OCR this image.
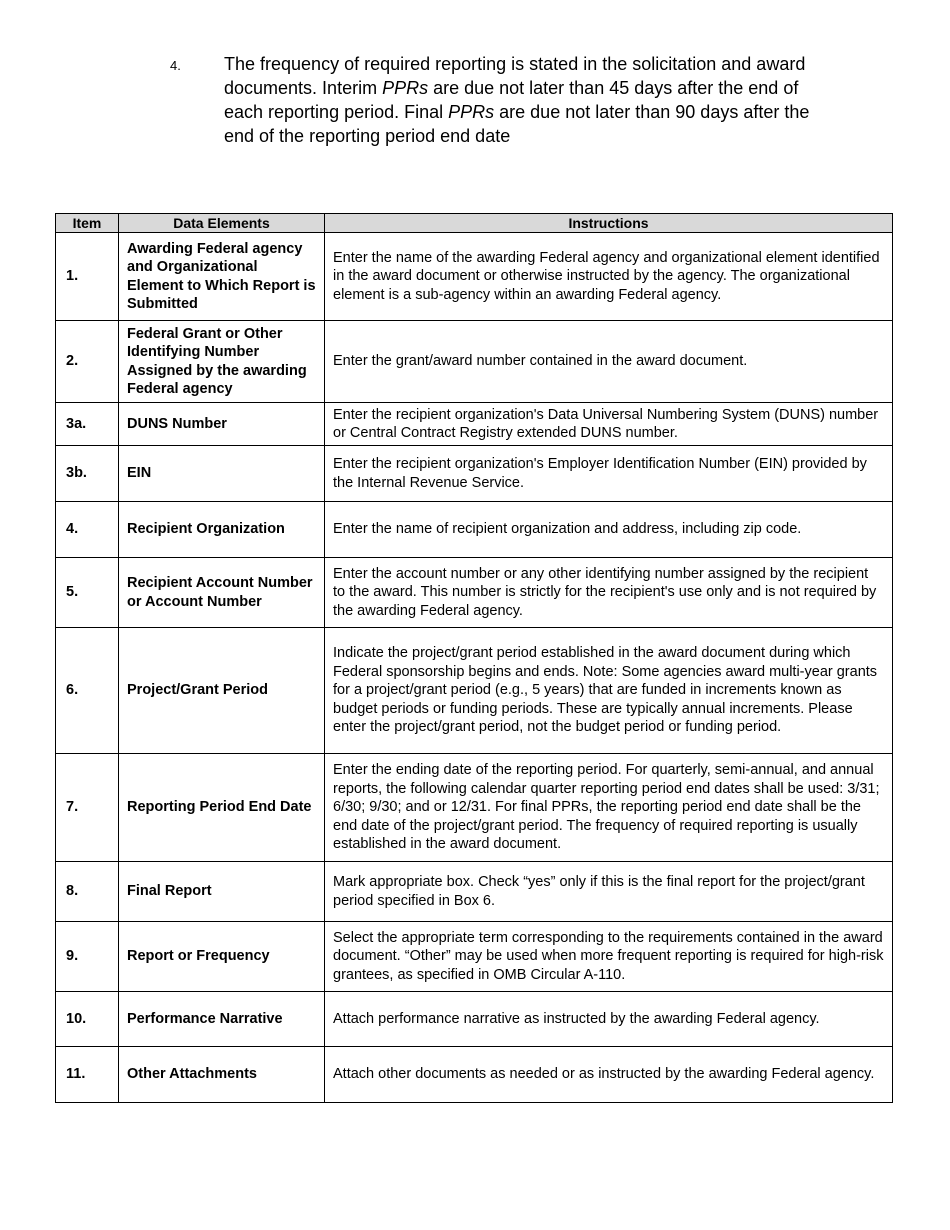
4. The frequency of required reporting is stated in the solicitation and award documents. Interim PPRs are due not later than 45 days after the end of each reporting period. Final PPRs are due not later than 90 days after the end of the reporting period end date
Item	Data Elements	Instructions
1.	Awarding Federal agency and Organizational Element to Which Report is Submitted	Enter the name of the awarding Federal agency and organizational element identified in the award document or otherwise instructed by the agency. The organizational element is a sub-agency within an awarding Federal agency.
2.	Federal Grant or Other Identifying Number Assigned by the awarding Federal agency	Enter the grant/award number contained in the award document.
3a.	DUNS Number	Enter the recipient organization's Data Universal Numbering System (DUNS) number or Central Contract Registry extended DUNS number.
3b.	EIN	Enter the recipient organization's Employer Identification Number (EIN) provided by the Internal Revenue Service.
4.	Recipient Organization	Enter the name of recipient organization and address, including zip code.
5.	Recipient Account Number or Account Number	Enter the account number or any other identifying number assigned by the recipient to the award. This number is strictly for the recipient's use only and is not required by the awarding Federal agency.
6.	Project/Grant Period	Indicate the project/grant period established in the award document during which Federal sponsorship begins and ends. Note: Some agencies award multi-year grants for a project/grant period (e.g., 5 years) that are funded in increments known as budget periods or funding periods. These are typically annual increments. Please enter the project/grant period, not the budget period or funding period.
7.	Reporting Period End Date	Enter the ending date of the reporting period. For quarterly, semi-annual, and annual reports, the following calendar quarter reporting period end dates shall be used: 3/31; 6/30; 9/30; and or 12/31. For final PPRs, the reporting period end date shall be the end date of the project/grant period. The frequency of required reporting is usually established in the award document.
8.	Final Report	Mark appropriate box. Check “yes” only if this is the final report for the project/grant period specified in Box 6.
9.	Report or Frequency	Select the appropriate term corresponding to the requirements contained in the award document. “Other” may be used when more frequent reporting is required for high-risk grantees, as specified in OMB Circular A-110.
10.	Performance Narrative	Attach performance narrative as instructed by the awarding Federal agency.
11.	Other Attachments	Attach other documents as needed or as instructed by the awarding Federal agency.
